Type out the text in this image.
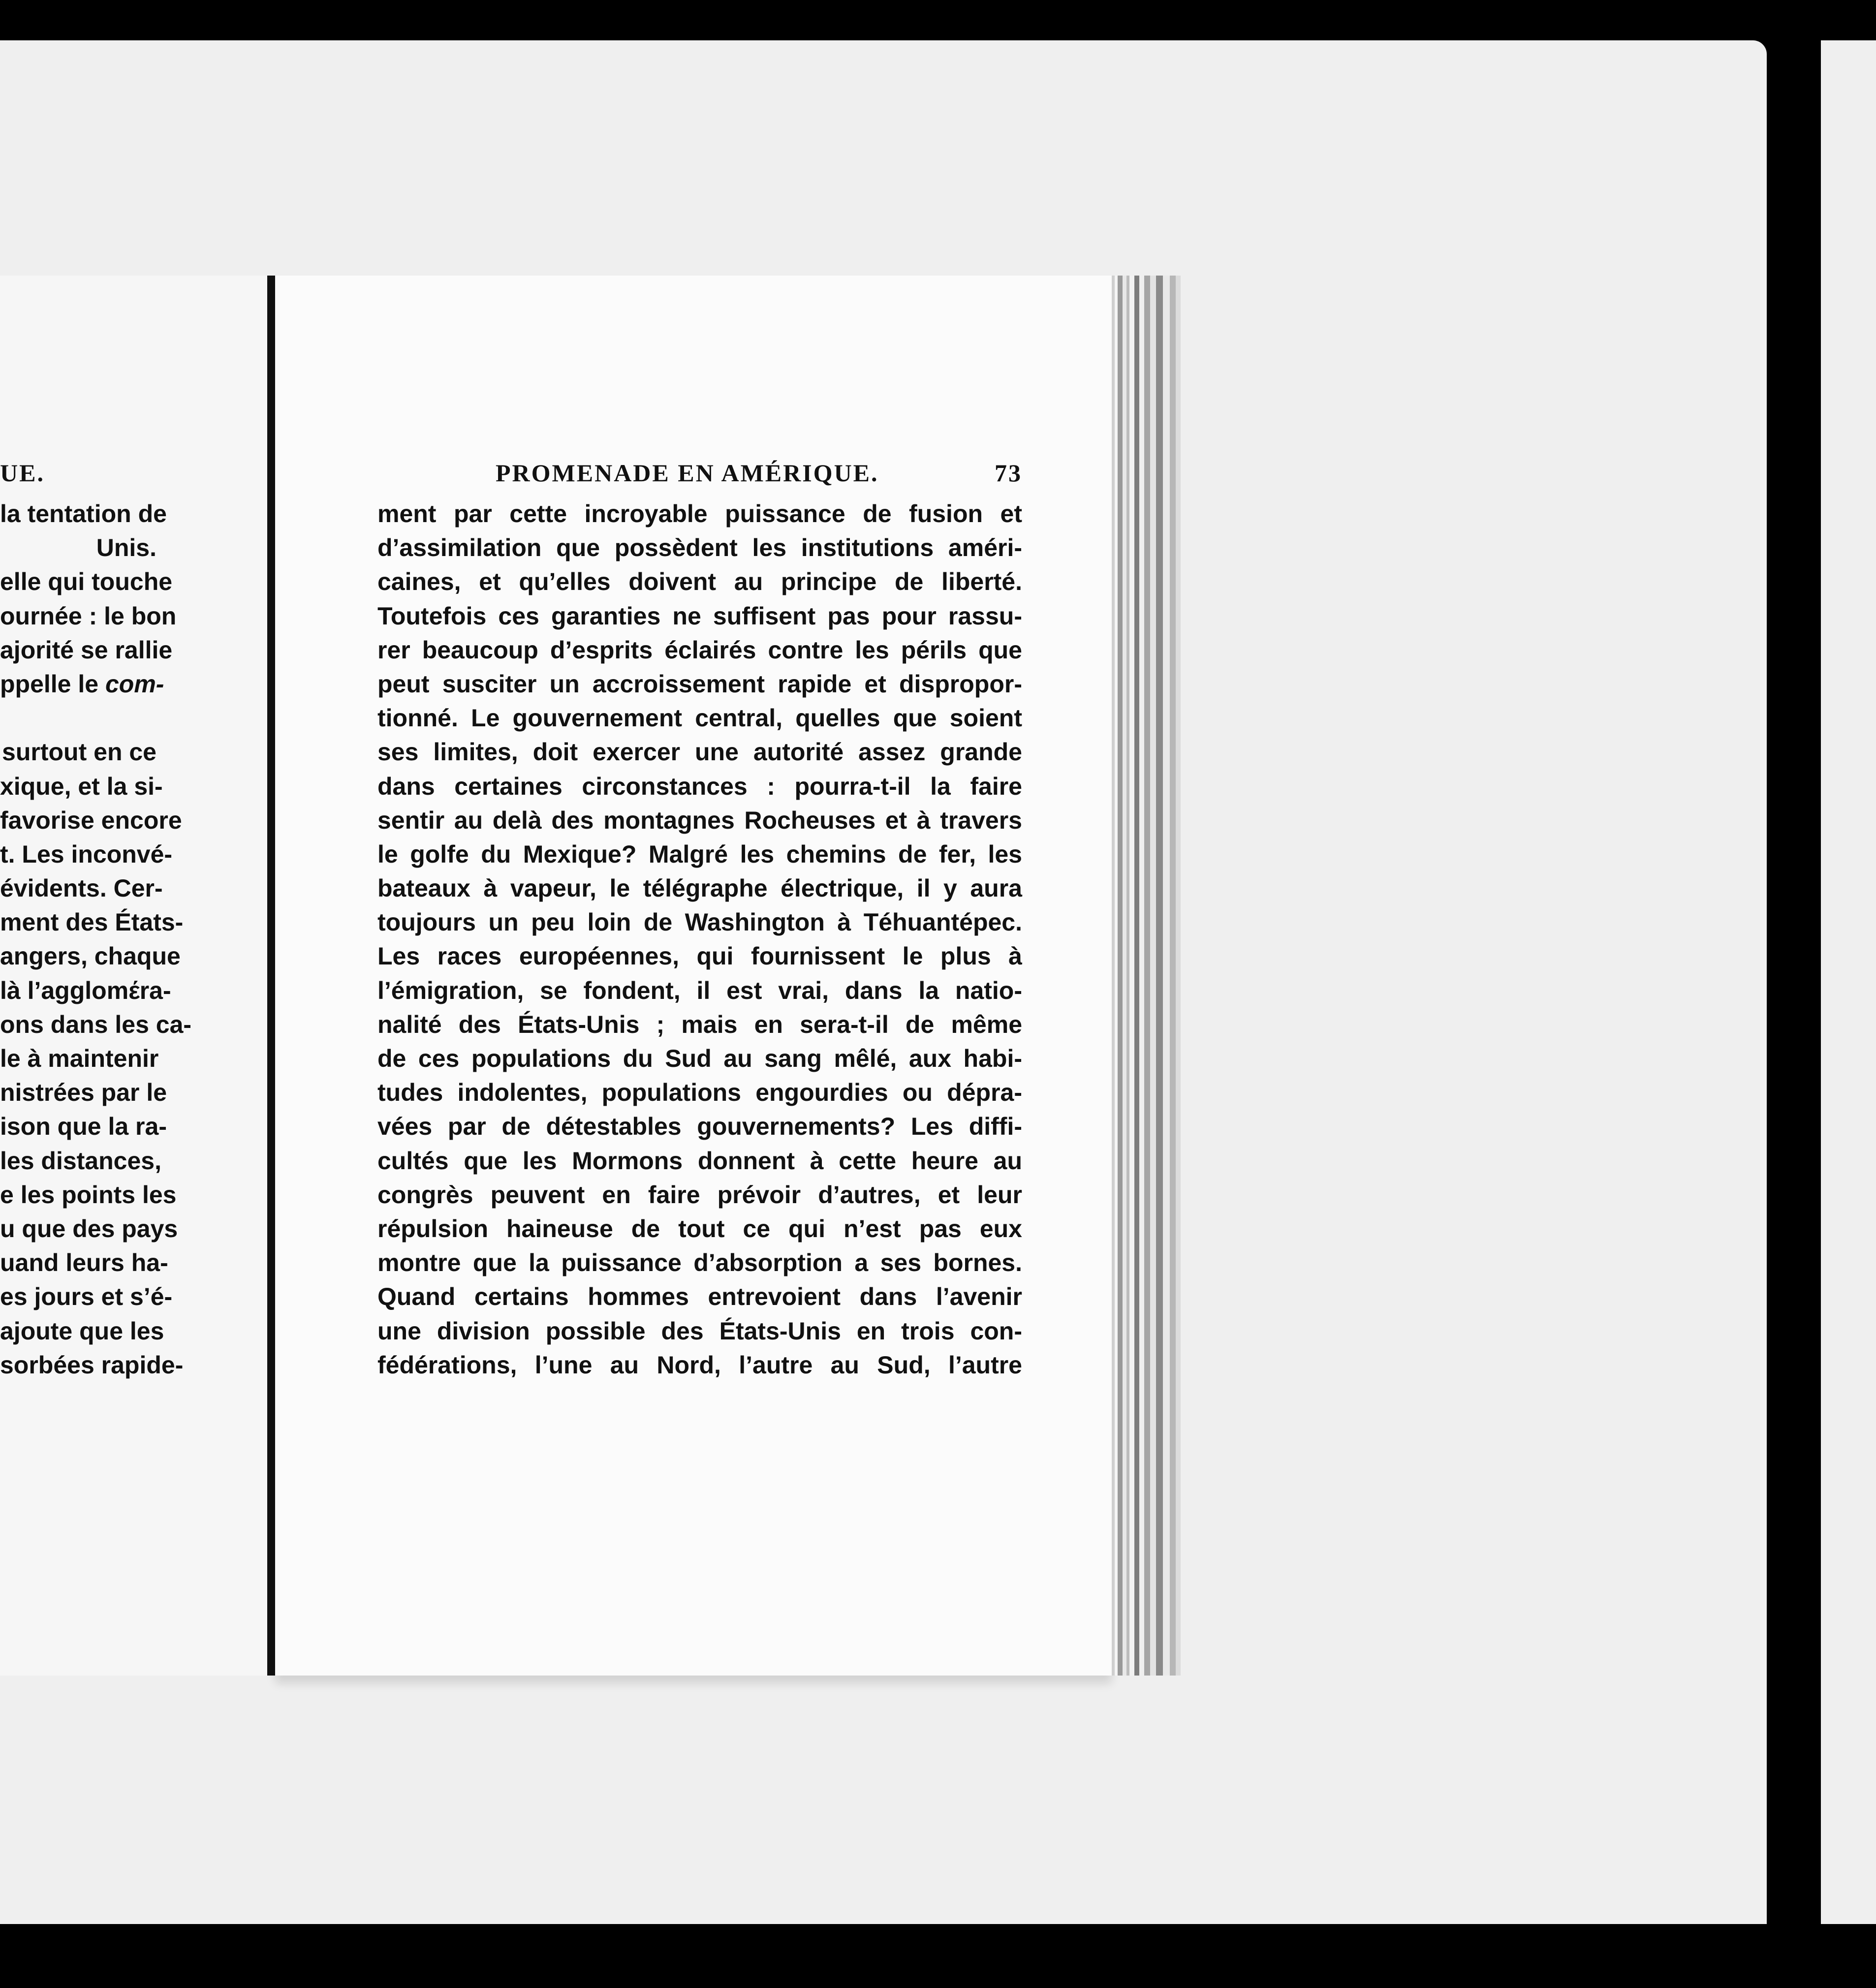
UE.
la tentation de
Unis.
elle qui touche
ournée : le bon
ajorité se rallie
ppelle le com-
surtout en ce
xique, et la si-
favorise encore
t. Les inconvé-
évidents. Cer-
ment des États-
angers, chaque
là l’agglomέra-
ons dans les ca-
le à maintenir
nistrées par le
ison que la ra-
les distances,
e les points les
u que des pays
uand leurs ha-
es jours et s’é-
ajoute que les
sorbées rapide-
PROMENADE EN AMÉRIQUE.	73
ment par cette incroyable puissance de fusion et
d’assimilation que possèdent les institutions améri-
caines, et qu’elles doivent au principe de liberté.
Toutefois ces garanties ne suffisent pas pour rassu-
rer beaucoup d’esprits éclairés contre les périls que
peut susciter un accroissement rapide et dispropor-
tionné. Le gouvernement central, quelles que soient
ses limites, doit exercer une autorité assez grande
dans certaines circonstances : pourra-t-il la faire
sentir au delà des montagnes Rocheuses et à travers
le golfe du Mexique? Malgré les chemins de fer, les
bateaux à vapeur, le télégraphe électrique, il y aura
toujours un peu loin de Washington à Téhuantépec.
Les races européennes, qui fournissent le plus à
l’émigration, se fondent, il est vrai, dans la natio-
nalité des États-Unis ; mais en sera-t-il de même
de ces populations du Sud au sang mêlé, aux habi-
tudes indolentes, populations engourdies ou dépra-
vées par de détestables gouvernements? Les diffi-
cultés que les Mormons donnent à cette heure au
congrès peuvent en faire prévoir d’autres, et leur
répulsion haineuse de tout ce qui n’est pas eux
montre que la puissance d’absorption a ses bornes.
Quand certains hommes entrevoient dans l’avenir
une division possible des États-Unis en trois con-
fédérations, l’une au Nord, l’autre au Sud, l’autre
